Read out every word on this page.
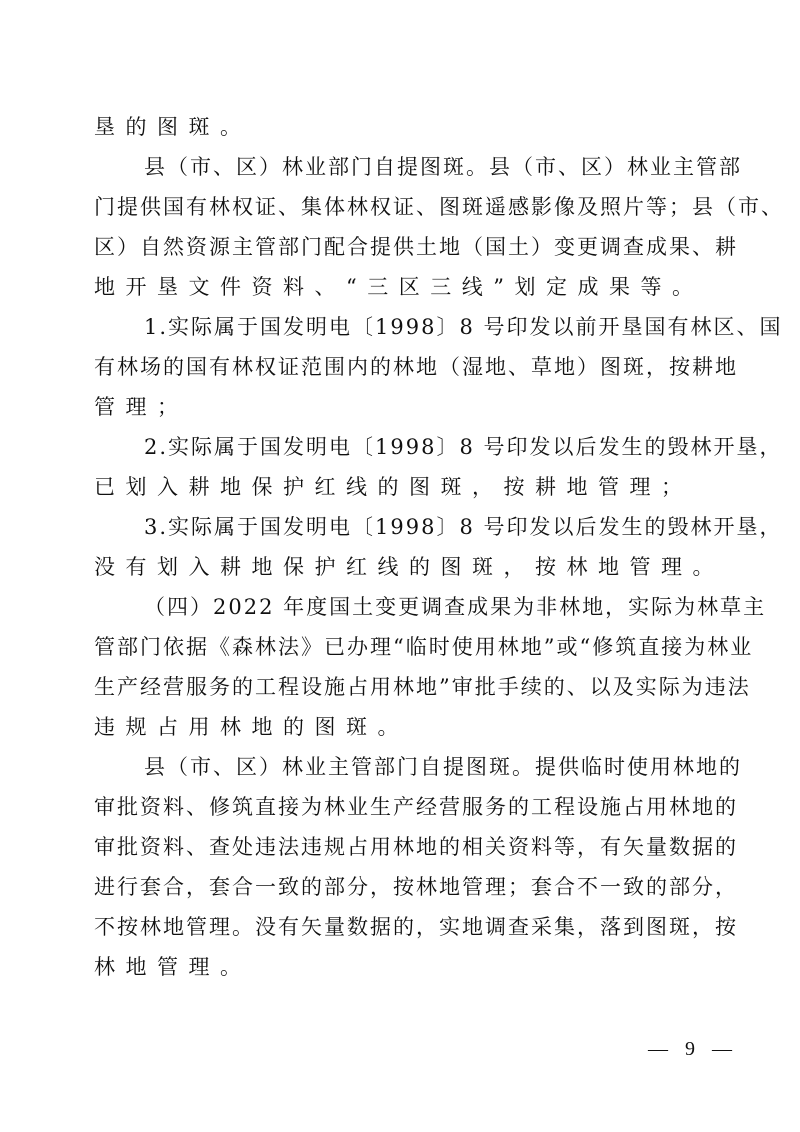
垦的图斑。
县（市、区）林业部门自提图斑。县（市、区）林业主管部
门提供国有林权证、集体林权证、图斑遥感影像及照片等；县（市、
区）自然资源主管部门配合提供土地（国土）变更调查成果、耕
地开垦文件资料、“三区三线”划定成果等。
1.实际属于国发明电〔1998〕8 号印发以前开垦国有林区、国
有林场的国有林权证范围内的林地（湿地、草地）图斑，按耕地
管理；
2.实际属于国发明电〔1998〕8 号印发以后发生的毁林开垦，
已划入耕地保护红线的图斑，按耕地管理；
3.实际属于国发明电〔1998〕8 号印发以后发生的毁林开垦，
没有划入耕地保护红线的图斑，按林地管理。
（四）2022 年度国土变更调查成果为非林地，实际为林草主
管部门依据《森林法》已办理“临时使用林地”或“修筑直接为林业
生产经营服务的工程设施占用林地”审批手续的、以及实际为违法
违规占用林地的图斑。
县（市、区）林业主管部门自提图斑。提供临时使用林地的
审批资料、修筑直接为林业生产经营服务的工程设施占用林地的
审批资料、查处违法违规占用林地的相关资料等，有矢量数据的
进行套合，套合一致的部分，按林地管理；套合不一致的部分，
不按林地管理。没有矢量数据的，实地调查采集，落到图斑，按
林地管理。
— 9 —
